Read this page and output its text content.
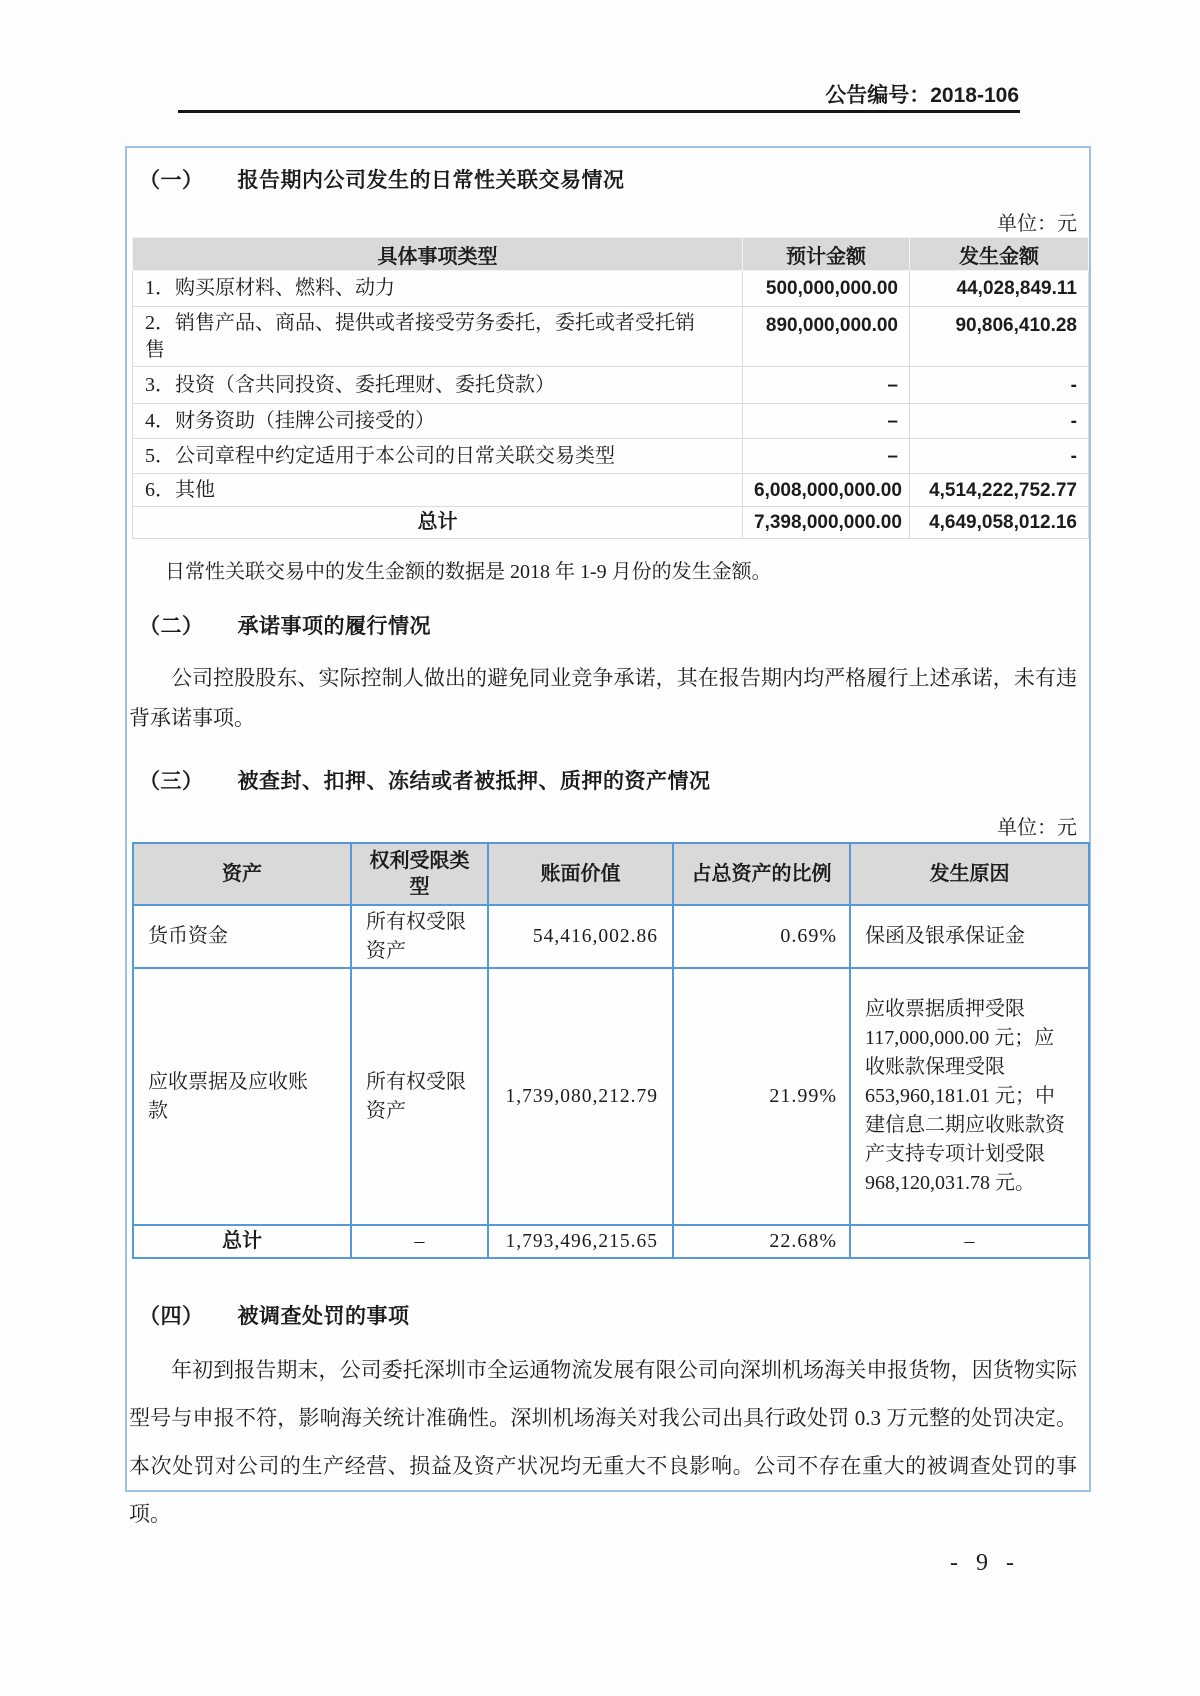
公告编号：2018-106
（一） 报告期内公司发生的日常性关联交易情况
单位：元
具体事项类型	预计金额	发生金额
1．购买原材料、燃料、动力	500,000,000.00	44,028,849.11
2．销售产品、商品、提供或者接受劳务委托，委托或者受托销售	890,000,000.00	90,806,410.28
3．投资（含共同投资、委托理财、委托贷款）	–	-
4．财务资助（挂牌公司接受的）	–	-
5．公司章程中约定适用于本公司的日常关联交易类型	–	-
6．其他	6,008,000,000.00	4,514,222,752.77
总计	7,398,000,000.00	4,649,058,012.16
日常性关联交易中的发生金额的数据是 2018 年 1-9 月份的发生金额。
（二） 承诺事项的履行情况
公司控股股东、实际控制人做出的避免同业竞争承诺，其在报告期内均严格履行上述承诺，未有违背承诺事项。
（三） 被查封、扣押、冻结或者被抵押、质押的资产情况
单位：元
资产	权利受限类型	账面价值	占总资产的比例	发生原因
货币资金	所有权受限资产	54,416,002.86	0.69%	保函及银承保证金
应收票据及应收账款	所有权受限资产	1,739,080,212.79	21.99%	应收票据质押受限 117,000,000.00 元；应收账款保理受限 653,960,181.01 元；中建信息二期应收账款资产支持专项计划受限 968,120,031.78 元。
总计	–	1,793,496,215.65	22.68%	–
（四） 被调查处罚的事项
年初到报告期末，公司委托深圳市全运通物流发展有限公司向深圳机场海关申报货物，因货物实际型号与申报不符，影响海关统计准确性。深圳机场海关对我公司出具行政处罚 0.3 万元整的处罚决定。本次处罚对公司的生产经营、损益及资产状况均无重大不良影响。公司不存在重大的被调查处罚的事项。
- 9 -
